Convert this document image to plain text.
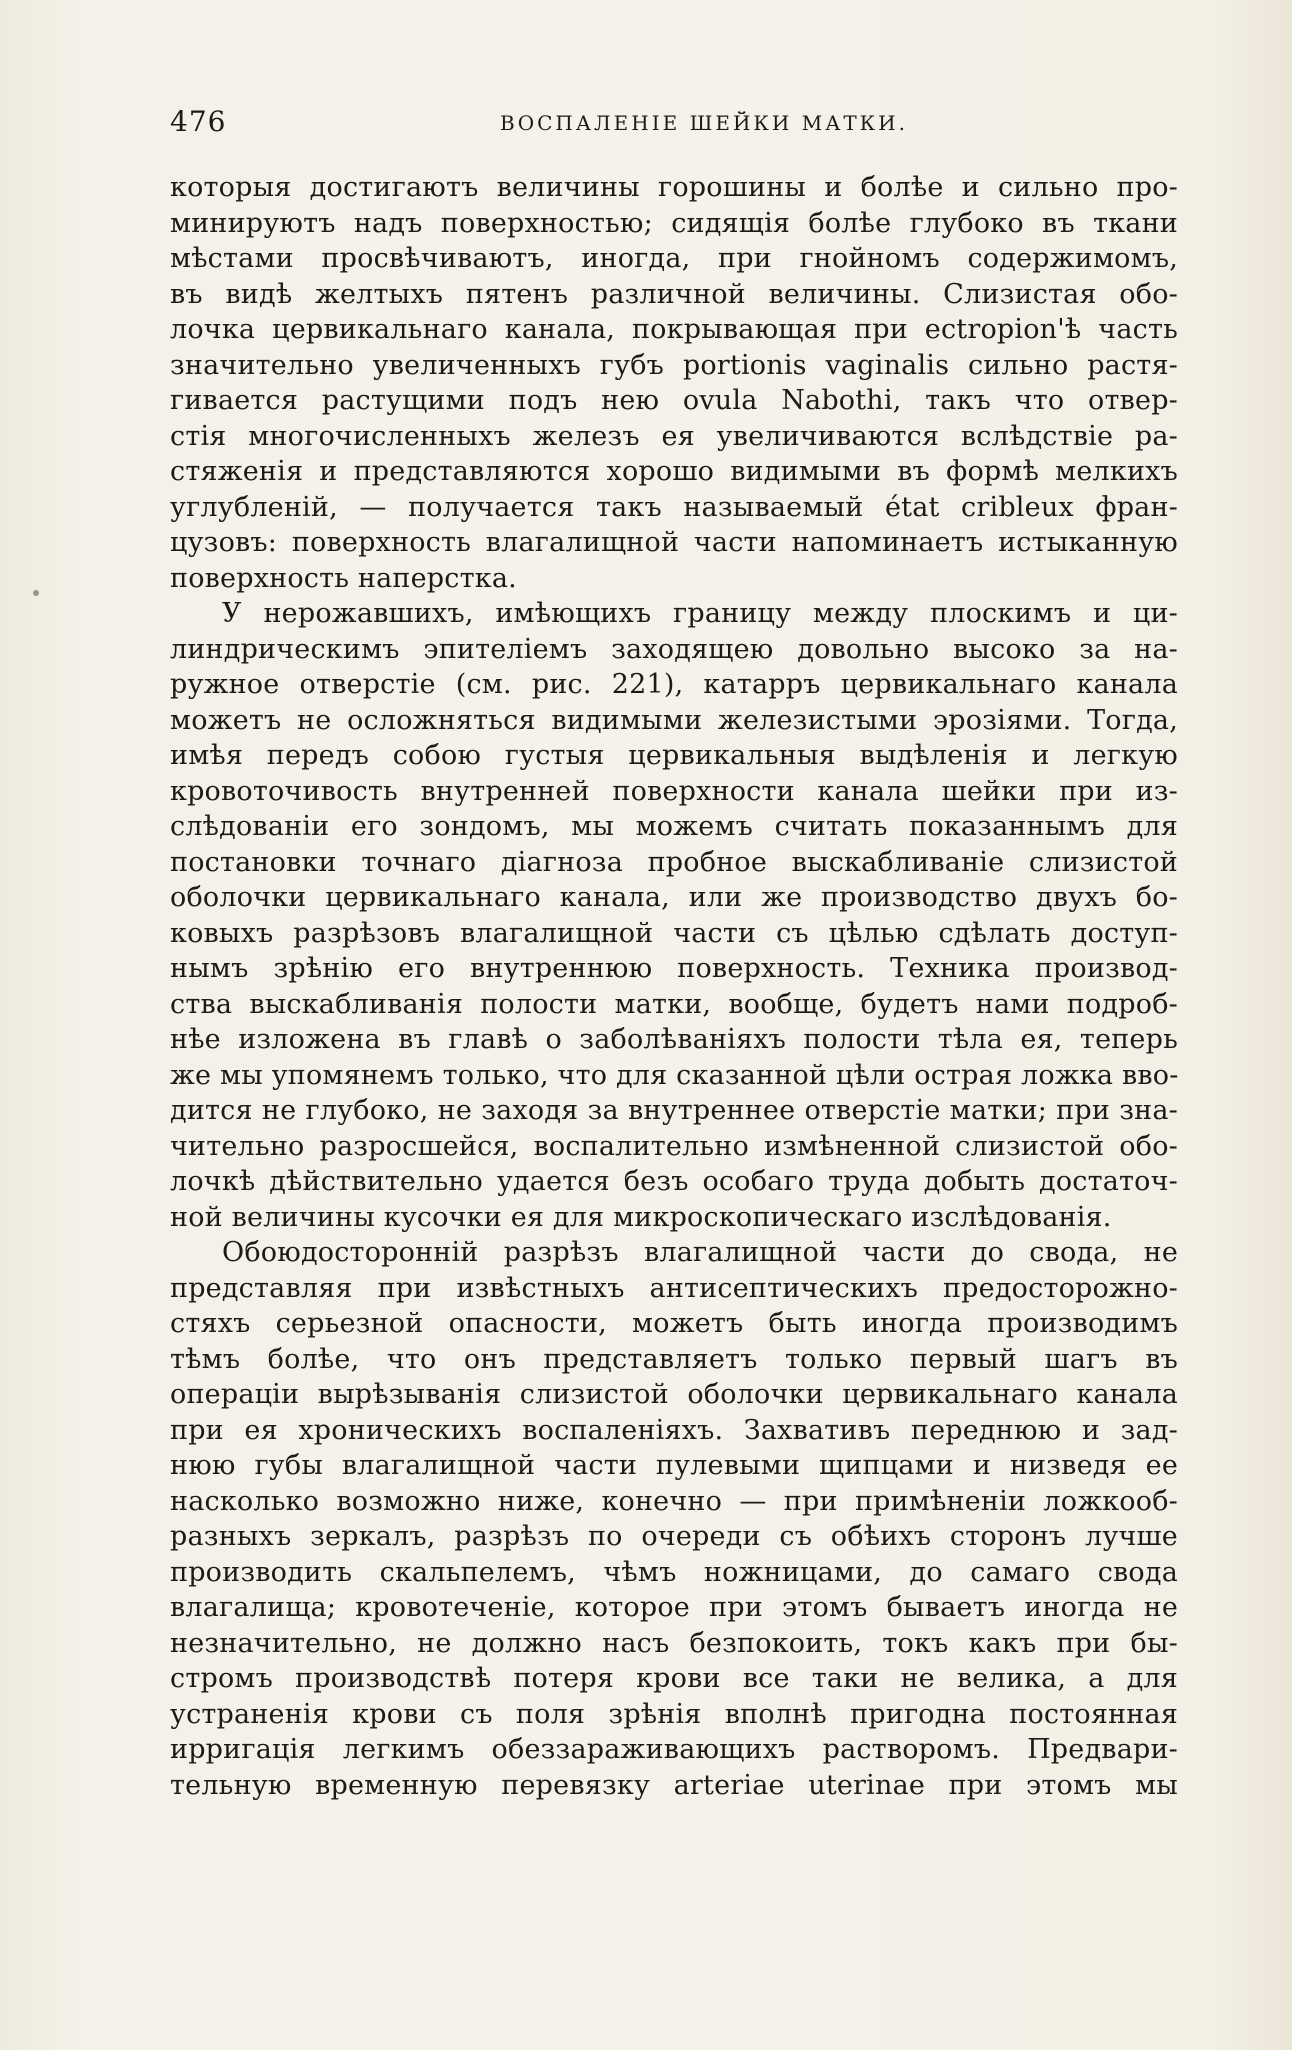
476	ВОСПАЛЕНІЕ ШЕЙКИ МАТКИ.
которыя достигаютъ величины горошины и болѣе и сильно про-
минируютъ надъ поверхностью; сидящія болѣе глубоко въ ткани
мѣстами просвѣчиваютъ, иногда, при гнойномъ содержимомъ,
въ видѣ желтыхъ пятенъ различной величины. Слизистая обо-
лочка цервикальнаго канала, покрывающая при ectropion'ѣ часть
значительно увеличенныхъ губъ portionis vaginalis сильно растя-
гивается растущими подъ нею ovula Nabothi, такъ что отвер-
стія многочисленныхъ железъ ея увеличиваются вслѣдствіе ра-
стяженія и представляются хорошо видимыми въ формѣ мелкихъ
углубленій, — получается такъ называемый état criblеux фран-
цузовъ: поверхность влагалищной части напоминаетъ истыканную
поверхность наперстка.
У нерожавшихъ, имѣющихъ границу между плоскимъ и ци-
линдрическимъ эпителіемъ заходящею довольно высоко за на-
ружное отверстіе (см. рис. 221), катарръ цервикальнаго канала
можетъ не осложняться видимыми железистыми эрозіями. Тогда,
имѣя передъ собою густыя цервикальныя выдѣленія и легкую
кровоточивость внутренней поверхности канала шейки при из-
слѣдованіи его зондомъ, мы можемъ считать показаннымъ для
постановки точнаго діагноза пробное выскабливаніе слизистой
оболочки цервикальнаго канала, или же производство двухъ бо-
ковыхъ разрѣзовъ влагалищной части съ цѣлью сдѣлать доступ-
нымъ зрѣнію его внутреннюю поверхность. Техника производ-
ства выскабливанія полости матки, вообще, будетъ нами подроб-
нѣе изложена въ главѣ о заболѣваніяхъ полости тѣла ея, теперь
же мы упомянемъ только, что для сказанной цѣли острая ложка вво-
дится не глубоко, не заходя за внутреннее отверстіе матки; при зна-
чительно разросшейся, воспалительно измѣненной слизистой обо-
лочкѣ дѣйствительно удается безъ особаго труда добыть достаточ-
ной величины кусочки ея для микроскопическаго изслѣдованія.
Обоюдосторонній разрѣзъ влагалищной части до свода, не
представляя при извѣстныхъ антисептическихъ предосторожно-
стяхъ серьезной опасности, можетъ быть иногда производимъ
тѣмъ болѣе, что онъ представляетъ только первый шагъ въ
операціи вырѣзыванія слизистой оболочки цервикальнаго канала
при ея хроническихъ воспаленіяхъ. Захвативъ переднюю и зад-
нюю губы влагалищной части пулевыми щипцами и низведя ее
насколько возможно ниже, конечно — при примѣненіи ложкооб-
разныхъ зеркалъ, разрѣзъ по очереди съ обѣихъ сторонъ лучше
производить скальпелемъ, чѣмъ ножницами, до самаго свода
влагалища; кровотеченіе, которое при этомъ бываетъ иногда не
незначительно, не должно насъ безпокоить, токъ какъ при бы-
стромъ производствѣ потеря крови все таки не велика, а для
устраненія крови съ поля зрѣнія вполнѣ пригодна постоянная
ирригація легкимъ обеззараживающихъ растворомъ. Предвари-
тельную временную перевязку arteriae uterinae при этомъ мы
